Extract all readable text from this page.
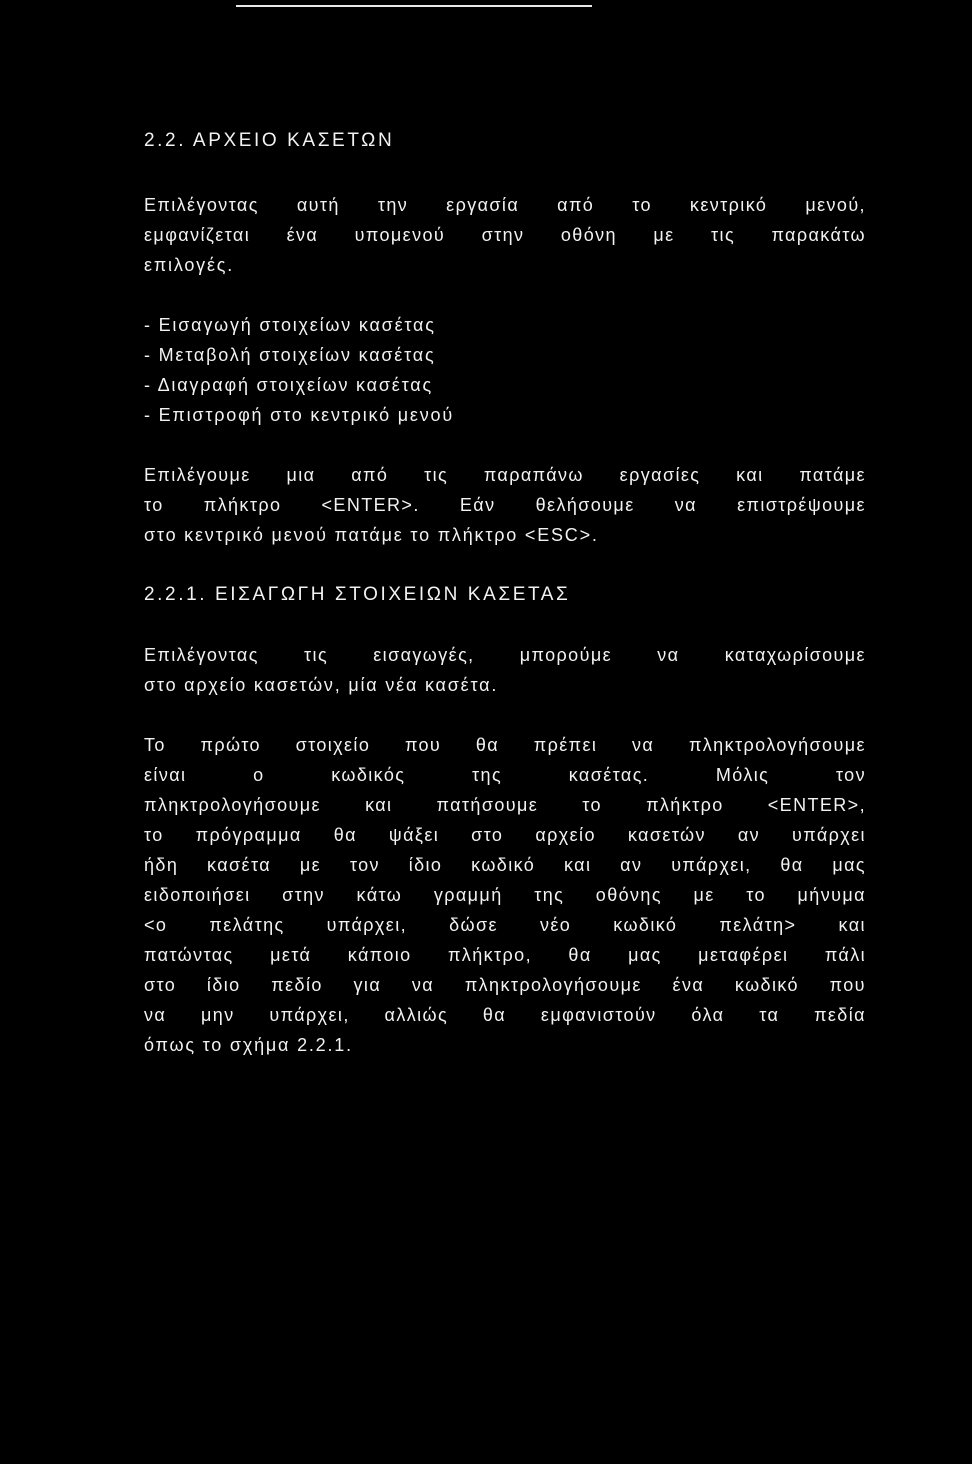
2.2. ΑΡΧΕΙΟ ΚΑΣΕΤΩΝ
Επιλέγοντας αυτή την εργασία από το κεντρικό μενού,
εμφανίζεται ένα υπομενού στην οθόνη με τις παρακάτω
επιλογές.
- Εισαγωγή στοιχείων κασέτας
- Μεταβολή στοιχείων κασέτας
- Διαγραφή στοιχείων κασέτας
- Επιστροφή στο κεντρικό μενού
Επιλέγουμε μια από τις παραπάνω εργασίες και πατάμε
το πλήκτρο <ENTER>. Εάν θελήσουμε να επιστρέψουμε
στο κεντρικό μενού πατάμε το πλήκτρο <ESC>.
2.2.1. ΕΙΣΑΓΩΓΗ ΣΤΟΙΧΕΙΩΝ ΚΑΣΕΤΑΣ
Επιλέγοντας	τις	εισαγωγές,	μπορούμε	να	καταχωρίσουμε
στο αρχείο κασετών, μία νέα κασέτα.
Το πρώτο στοιχείο που θα πρέπει να πληκτρολογήσουμε
είναι	ο	κωδικός	της	κασέτας.	Μόλις	τον
πληκτρολογήσουμε και πατήσουμε το πλήκτρο <ENTER>,
το πρόγραμμα θα ψάξει στο αρχείο κασετών αν υπάρχει
ήδη κασέτα με τον ίδιο κωδικό και αν υπάρχει, θα μας
ειδοποιήσει στην κάτω γραμμή της οθόνης με το μήνυμα
<ο πελάτης υπάρχει, δώσε νέο κωδικό πελάτη> και
πατώντας μετά κάποιο πλήκτρο, θα μας μεταφέρει πάλι
στο ίδιο πεδίο για να πληκτρολογήσουμε ένα κωδικό που
να μην υπάρχει, αλλιώς θα εμφανιστούν όλα τα πεδία
όπως το σχήμα 2.2.1.
